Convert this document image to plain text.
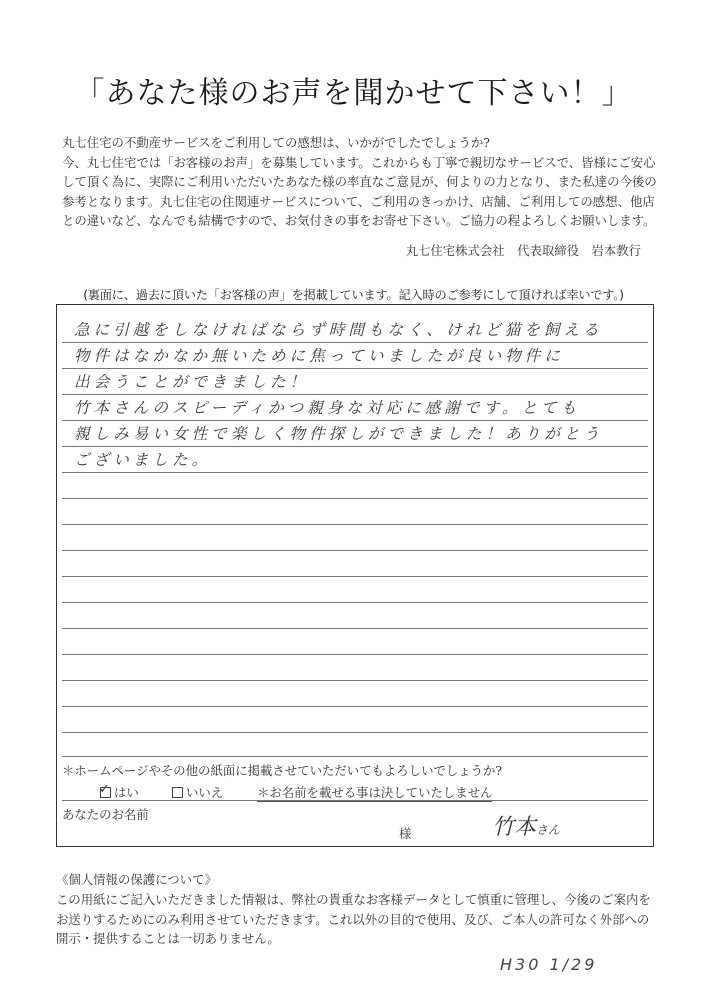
「あなた様のお声を聞かせて下さい！」

丸七住宅の不動産サービスをご利用しての感想は、いかがでしたでしょうか?

今、丸七住宅では「お客様のお声」を募集しています。これからも丁寧で親切なサービスで、皆様にご安心

して頂く為に、実際にご利用いただいたあなた様の率直なご意見が、何よりの力となり、また私達の今後の

参考となります。丸七住宅の住関連サービスについて、ご利用のきっかけ、店舗、ご利用しての感想、他店

との違いなど、なんでも結構ですので、お気付きの事をお寄せ下さい。ご協力の程よろしくお願いします。

丸七住宅株式会社　代表取締役　岩本教行
(裏面に、過去に頂いた「お客様の声」を掲載しています。記入時のご参考にして頂ければ幸いです。)
急に引越をしなければならず時間もなく、けれど猫を飼える
物件はなかなか無いために焦っていましたが良い物件に
出会うことができました！
竹本さんのスピーディかつ親身な対応に感謝です。とても
親しみ易い女性で楽しく物件探しができました！ありがとう
ございました。
＊ホームページやその他の紙面に掲載させていただいてもよろしいでしょうか?
✓ はい	いいえ	＊お名前を載せる事は決していたしません
あなたのお名前
様	竹本さん

《個人情報の保護について》

この用紙にご記入いただきました情報は、弊社の貴重なお客様データとして慎重に管理し、今後のご案内を

お送りするためにのみ利用させていただきます。これ以外の目的で使用、及び、ご本人の許可なく外部への

開示・提供することは一切ありません。

H30 1/29
